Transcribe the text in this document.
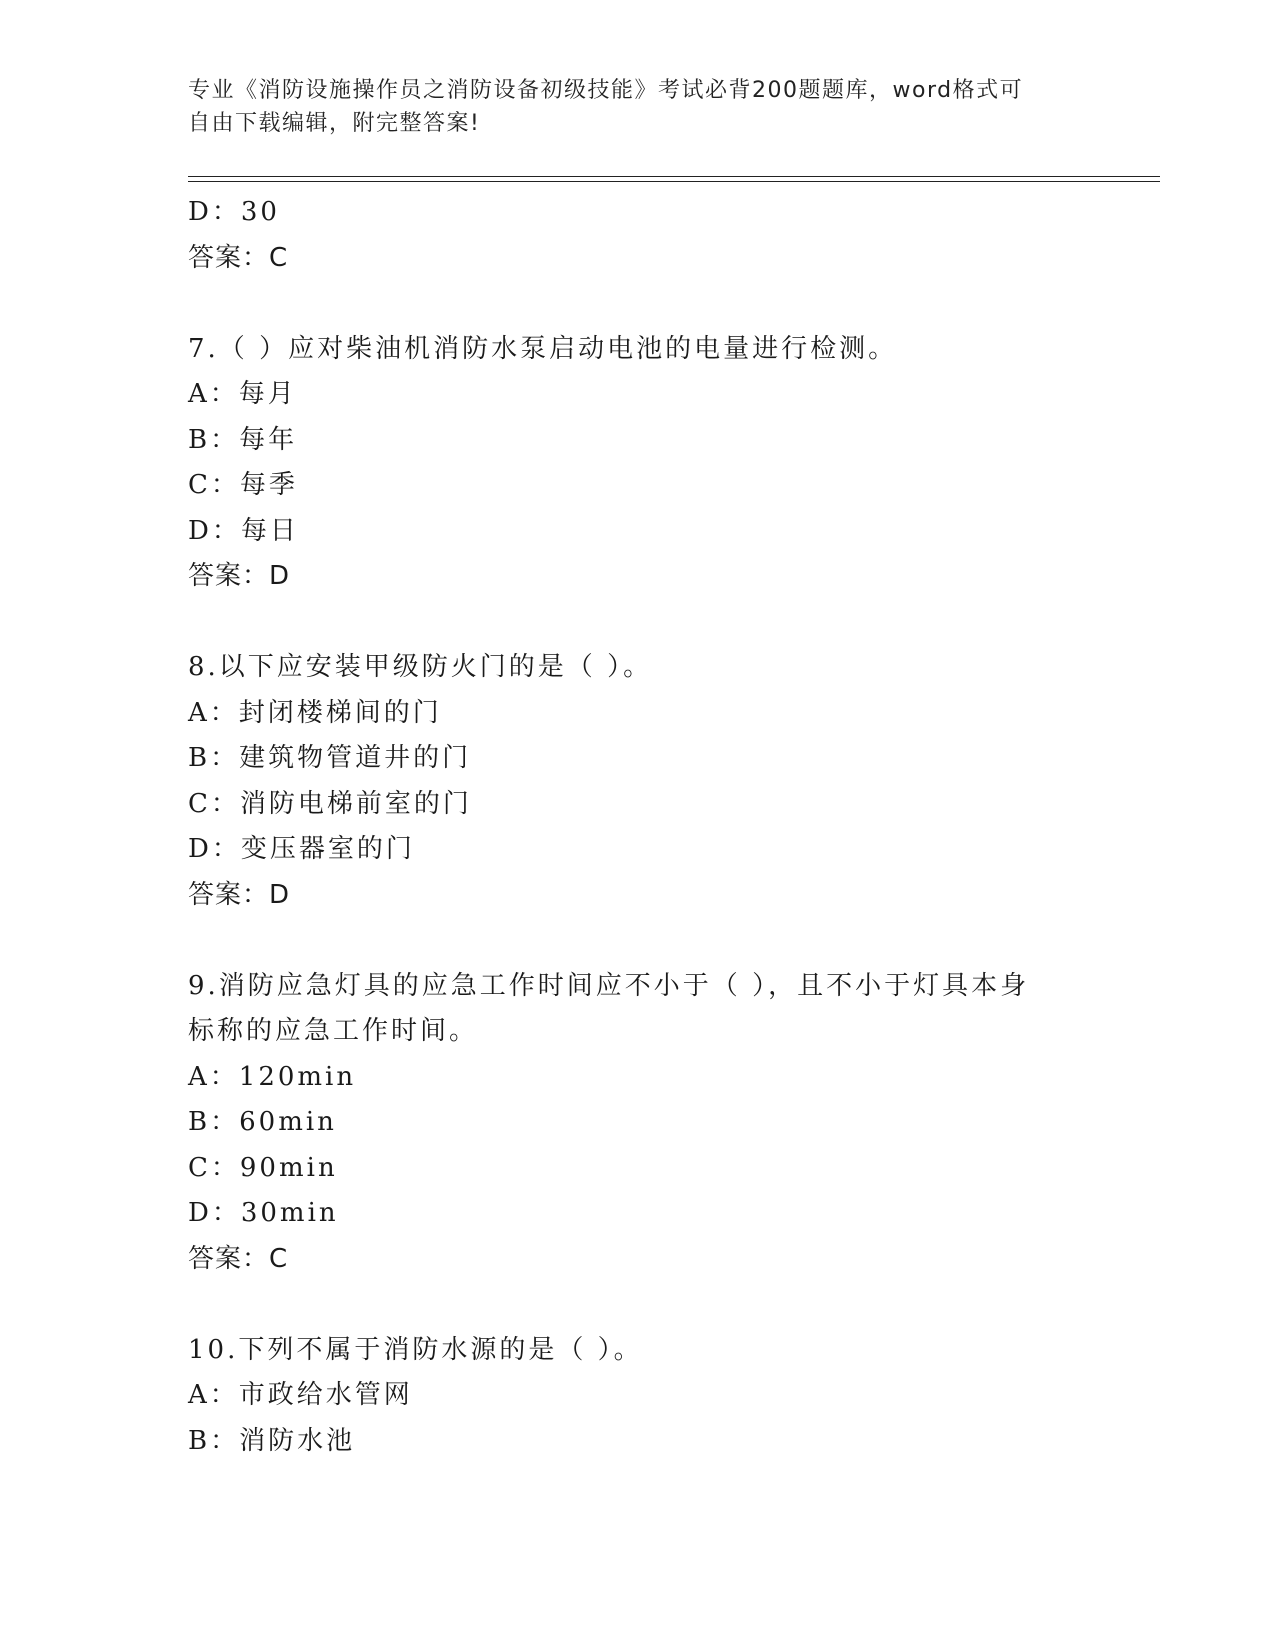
专业《消防设施操作员之消防设备初级技能》考试必背200题题库，word格式可
自由下载编辑，附完整答案!
D：30
答案：C
7.（ ）应对柴油机消防水泵启动电池的电量进行检测。
A：每月
B：每年
C：每季
D：每日
答案：D
8.以下应安装甲级防火门的是（ ）。
A：封闭楼梯间的门
B：建筑物管道井的门
C：消防电梯前室的门
D：变压器室的门
答案：D
9.消防应急灯具的应急工作时间应不小于（ ），且不小于灯具本身
标称的应急工作时间。
A：120min
B：60min
C：90min
D：30min
答案：C
10.下列不属于消防水源的是（ ）。
A：市政给水管网
B：消防水池
